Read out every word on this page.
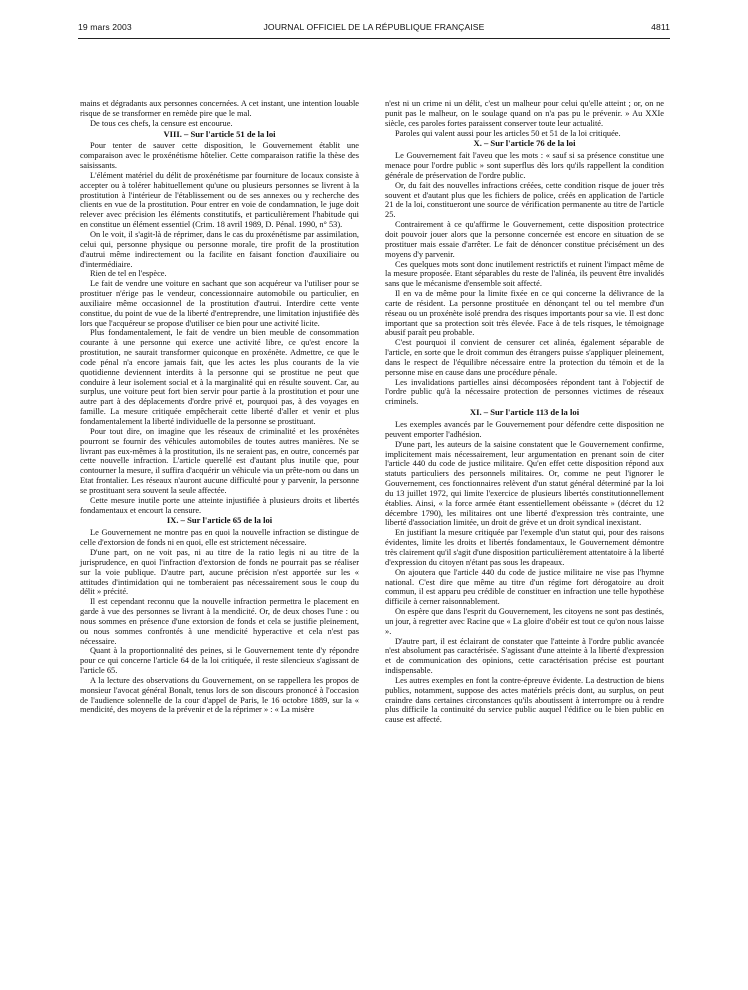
19 mars 2003	JOURNAL OFFICIEL DE LA RÉPUBLIQUE FRANÇAISE	4811

mains et dégradants aux personnes concernées. A cet instant, une intention louable risque de se transformer en remède pire que le mal.

De tous ces chefs, la censure est encourue.

VIII. – Sur l'article 51 de la loi

Pour tenter de sauver cette disposition, le Gouvernement établit une comparaison avec le proxénétisme hôtelier. Cette comparaison ratifie la thèse des saisissants.

L'élément matériel du délit de proxénétisme par fourniture de locaux consiste à accepter ou à tolérer habituellement qu'une ou plusieurs personnes se livrent à la prostitution à l'intérieur de l'établissement ou de ses annexes ou y recherche des clients en vue de la prostitution. Pour entrer en voie de condamnation, le juge doit relever avec précision les éléments constitutifs, et particulièrement l'habitude qui en constitue un élément essentiel (Crim. 18 avril 1989, D. Pénal. 1990, n° 53).

On le voit, il s'agit-là de réprimer, dans le cas du proxénétisme par assimilation, celui qui, personne physique ou personne morale, tire profit de la prostitution d'autrui même indirectement ou la facilite en faisant fonction d'auxiliaire ou d'intermédiaire.

Rien de tel en l'espèce.

Le fait de vendre une voiture en sachant que son acquéreur va l'utiliser pour se prostituer n'érige pas le vendeur, concessionnaire automobile ou particulier, en auxiliaire même occasionnel de la prostitution d'autrui. Interdire cette vente constitue, du point de vue de la liberté d'entreprendre, une limitation injustifiée dès lors que l'acquéreur se propose d'utiliser ce bien pour une activité licite.

Plus fondamentalement, le fait de vendre un bien meuble de consommation courante à une personne qui exerce une activité libre, ce qu'est encore la prostitution, ne saurait transformer quiconque en proxénète. Admettre, ce que le code pénal n'a encore jamais fait, que les actes les plus courants de la vie quotidienne deviennent interdits à la personne qui se prostitue ne peut que conduire à leur isolement social et à la marginalité qui en résulte souvent. Car, au surplus, une voiture peut fort bien servir pour partie à la prostitution et pour une autre part à des déplacements d'ordre privé et, pourquoi pas, à des voyages en famille. La mesure critiquée empêcherait cette liberté d'aller et venir et plus fondamentalement la liberté individuelle de la personne se prostituant.

Pour tout dire, on imagine que les réseaux de criminalité et les proxénètes pourront se fournir des véhicules automobiles de toutes autres manières. Ne se livrant pas eux-mêmes à la prostitution, ils ne seraient pas, en outre, concernés par cette nouvelle infraction. L'article querellé est d'autant plus inutile que, pour contourner la mesure, il suffira d'acquérir un véhicule via un prête-nom ou dans un Etat frontalier. Les réseaux n'auront aucune difficulté pour y parvenir, la personne se prostituant sera souvent la seule affectée.

Cette mesure inutile porte une atteinte injustifiée à plusieurs droits et libertés fondamentaux et encourt la censure.

IX. – Sur l'article 65 de la loi

Le Gouvernement ne montre pas en quoi la nouvelle infraction se distingue de celle d'extorsion de fonds ni en quoi, elle est strictement nécessaire.

D'une part, on ne voit pas, ni au titre de la ratio legis ni au titre de la jurisprudence, en quoi l'infraction d'extorsion de fonds ne pourrait pas se réaliser sur la voie publique. D'autre part, aucune précision n'est apportée sur les « attitudes d'intimidation qui ne tomberaient pas nécessairement sous le coup du délit » précité.

Il est cependant reconnu que la nouvelle infraction permettra le placement en garde à vue des personnes se livrant à la mendicité. Or, de deux choses l'une : ou nous sommes en présence d'une extorsion de fonds et cela se justifie pleinement, ou nous sommes confrontés à une mendicité hyperactive et cela n'est pas nécessaire.

Quant à la proportionnalité des peines, si le Gouvernement tente d'y répondre pour ce qui concerne l'article 64 de la loi critiquée, il reste silencieux s'agissant de l'article 65.

A la lecture des observations du Gouvernement, on se rappellera les propos de monsieur l'avocat général Bonalt, tenus lors de son discours prononcé à l'occasion de l'audience solennelle de la cour d'appel de Paris, le 16 octobre 1889, sur la « mendicité, des moyens de la prévenir et de la réprimer » : « La misère

n'est ni un crime ni un délit, c'est un malheur pour celui qu'elle atteint ; or, on ne punit pas le malheur, on le soulage quand on n'a pas pu le prévenir. » Au XXIe siècle, ces paroles fortes paraissent conserver toute leur actualité.

Paroles qui valent aussi pour les articles 50 et 51 de la loi critiquée.

X. – Sur l'article 76 de la loi

Le Gouvernement fait l'aveu que les mots : « sauf si sa présence constitue une menace pour l'ordre public » sont superflus dès lors qu'ils rappellent la condition générale de préservation de l'ordre public.

Or, du fait des nouvelles infractions créées, cette condition risque de jouer très souvent et d'autant plus que les fichiers de police, créés en application de l'article 21 de la loi, constitueront une source de vérification permanente au titre de l'article 25.

Contrairement à ce qu'affirme le Gouvernement, cette disposition protectrice doit pouvoir jouer alors que la personne concernée est encore en situation de se prostituer mais essaie d'arrêter. Le fait de dénoncer constitue précisément un des moyens d'y parvenir.

Ces quelques mots sont donc inutilement restrictifs et ruinent l'impact même de la mesure proposée. Etant séparables du reste de l'alinéa, ils peuvent être invalidés sans que le mécanisme d'ensemble soit affecté.

Il en va de même pour la limite fixée en ce qui concerne la délivrance de la carte de résident. La personne prostituée en dénonçant tel ou tel membre d'un réseau ou un proxénète isolé prendra des risques importants pour sa vie. Il est donc important que sa protection soit très élevée. Face à de tels risques, le témoignage abusif paraît peu probable.

C'est pourquoi il convient de censurer cet alinéa, également séparable de l'article, en sorte que le droit commun des étrangers puisse s'appliquer pleinement, dans le respect de l'équilibre nécessaire entre la protection du témoin et de la personne mise en cause dans une procédure pénale.

Les invalidations partielles ainsi décomposées répondent tant à l'objectif de l'ordre public qu'à la nécessaire protection de personnes victimes de réseaux criminels.

XI. – Sur l'article 113 de la loi

Les exemples avancés par le Gouvernement pour défendre cette disposition ne peuvent emporter l'adhésion.

D'une part, les auteurs de la saisine constatent que le Gouvernement confirme, implicitement mais nécessairement, leur argumentation en prenant soin de citer l'article 440 du code de justice militaire. Qu'en effet cette disposition répond aux statuts particuliers des personnels militaires. Or, comme ne peut l'ignorer le Gouvernement, ces fonctionnaires relèvent d'un statut général déterminé par la loi du 13 juillet 1972, qui limite l'exercice de plusieurs libertés constitutionnellement établies. Ainsi, « la force armée étant essentiellement obéissante » (décret du 12 décembre 1790), les militaires ont une liberté d'expression très contrainte, une liberté d'association limitée, un droit de grève et un droit syndical inexistant.

En justifiant la mesure critiquée par l'exemple d'un statut qui, pour des raisons évidentes, limite les droits et libertés fondamentaux, le Gouvernement démontre très clairement qu'il s'agit d'une disposition particulièrement attentatoire à la liberté d'expression du citoyen n'étant pas sous les drapeaux.

On ajoutera que l'article 440 du code de justice militaire ne vise pas l'hymne national. C'est dire que même au titre d'un régime fort dérogatoire au droit commun, il est apparu peu crédible de constituer en infraction une telle hypothèse difficile à cerner raisonnablement.

On espère que dans l'esprit du Gouvernement, les citoyens ne sont pas destinés, un jour, à regretter avec Racine que « La gloire d'obéir est tout ce qu'on nous laisse ».

D'autre part, il est éclairant de constater que l'atteinte à l'ordre public avancée n'est absolument pas caractérisée. S'agissant d'une atteinte à la liberté d'expression et de communication des opinions, cette caractérisation précise est pourtant indispensable.

Les autres exemples en font la contre-épreuve évidente. La destruction de biens publics, notamment, suppose des actes matériels précis dont, au surplus, on peut craindre dans certaines circonstances qu'ils aboutissent à interrompre ou à rendre plus difficile la continuité du service public auquel l'édifice ou le bien public en cause est affecté.
